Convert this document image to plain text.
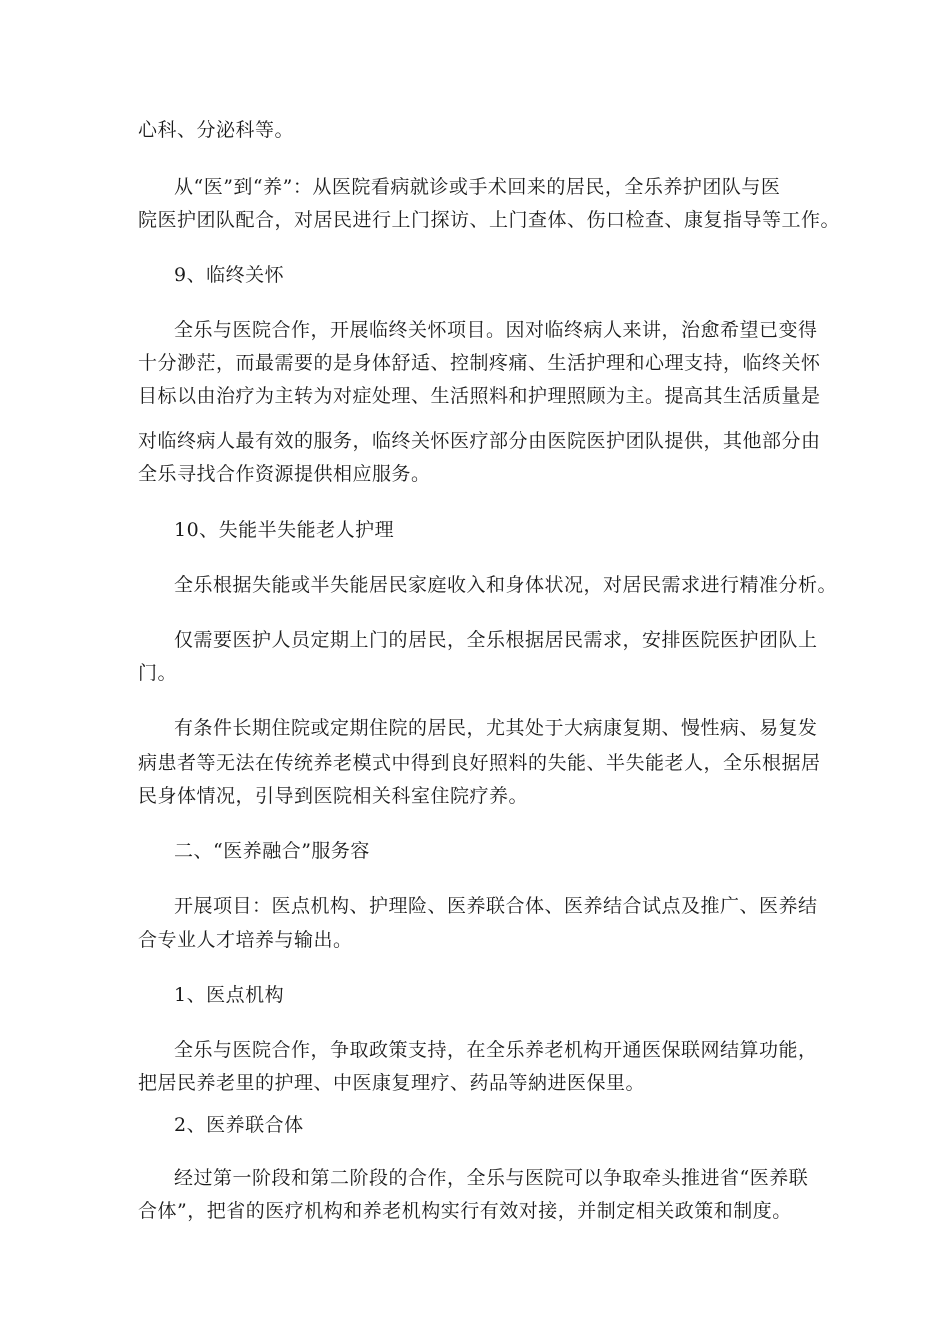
心科、分泌科等。
从“医”到“养”：从医院看病就诊或手术回来的居民，全乐养护团队与医
院医护团队配合，对居民进行上门探访、上门查体、伤口检查、康复指导等工作。
9、临终关怀
全乐与医院合作，开展临终关怀项目。因对临终病人来讲，治愈希望已变得
十分渺茫，而最需要的是身体舒适、控制疼痛、生活护理和心理支持，临终关怀
目标以由治疗为主转为对症处理、生活照料和护理照顾为主。提高其生活质量是
对临终病人最有效的服务，临终关怀医疗部分由医院医护团队提供，其他部分由
全乐寻找合作资源提供相应服务。
10、失能半失能老人护理
全乐根据失能或半失能居民家庭收入和身体状况，对居民需求进行精准分析。
仅需要医护人员定期上门的居民，全乐根据居民需求，安排医院医护团队上
门。
有条件长期住院或定期住院的居民，尤其处于大病康复期、慢性病、易复发
病患者等无法在传统养老模式中得到良好照料的失能、半失能老人，全乐根据居
民身体情况，引导到医院相关科室住院疗养。
二、“医养融合”服务容
开展项目：医点机构、护理险、医养联合体、医养结合试点及推广、医养结
合专业人才培养与输出。
1、医点机构
全乐与医院合作，争取政策支持，在全乐养老机构开通医保联网结算功能，
把居民养老里的护理、中医康复理疗、药品等納进医保里。
2、医养联合体
经过第一阶段和第二阶段的合作，全乐与医院可以争取牵头推进省“医养联
合体”，把省的医疗机构和养老机构实行有效对接，并制定相关政策和制度。
